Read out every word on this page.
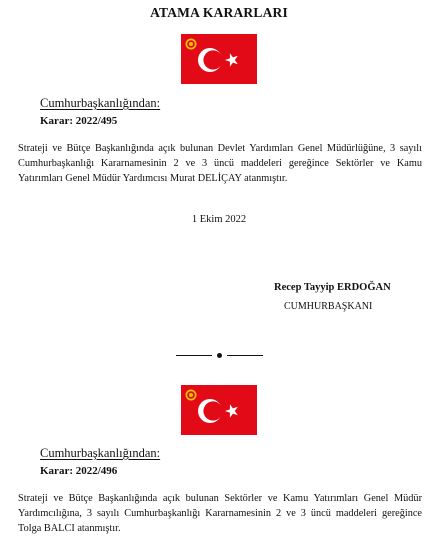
ATAMA KARARLARI
Cumhurbaşkanlığından:
Karar: 2022/495
Strateji ve Bütçe Başkanlığında açık bulunan Devlet Yardımları Genel Müdürlüğüne, 3 sayılı Cumhurbaşkanlığı Kararnamesinin 2 ve 3 üncü maddeleri gereğince Sektörler ve Kamu Yatırımları Genel Müdür Yardımcısı Murat DELİÇAY atanmıştır.
1 Ekim 2022
Recep Tayyip ERDOĞAN
CUMHURBAŞKANI
Cumhurbaşkanlığından:
Karar: 2022/496
Strateji ve Bütçe Başkanlığında açık bulunan Sektörler ve Kamu Yatırımları Genel Müdür Yardımcılığına, 3 sayılı Cumhurbaşkanlığı Kararnamesinin 2 ve 3 üncü maddeleri gereğince Tolga BALCI atanmıştır.
